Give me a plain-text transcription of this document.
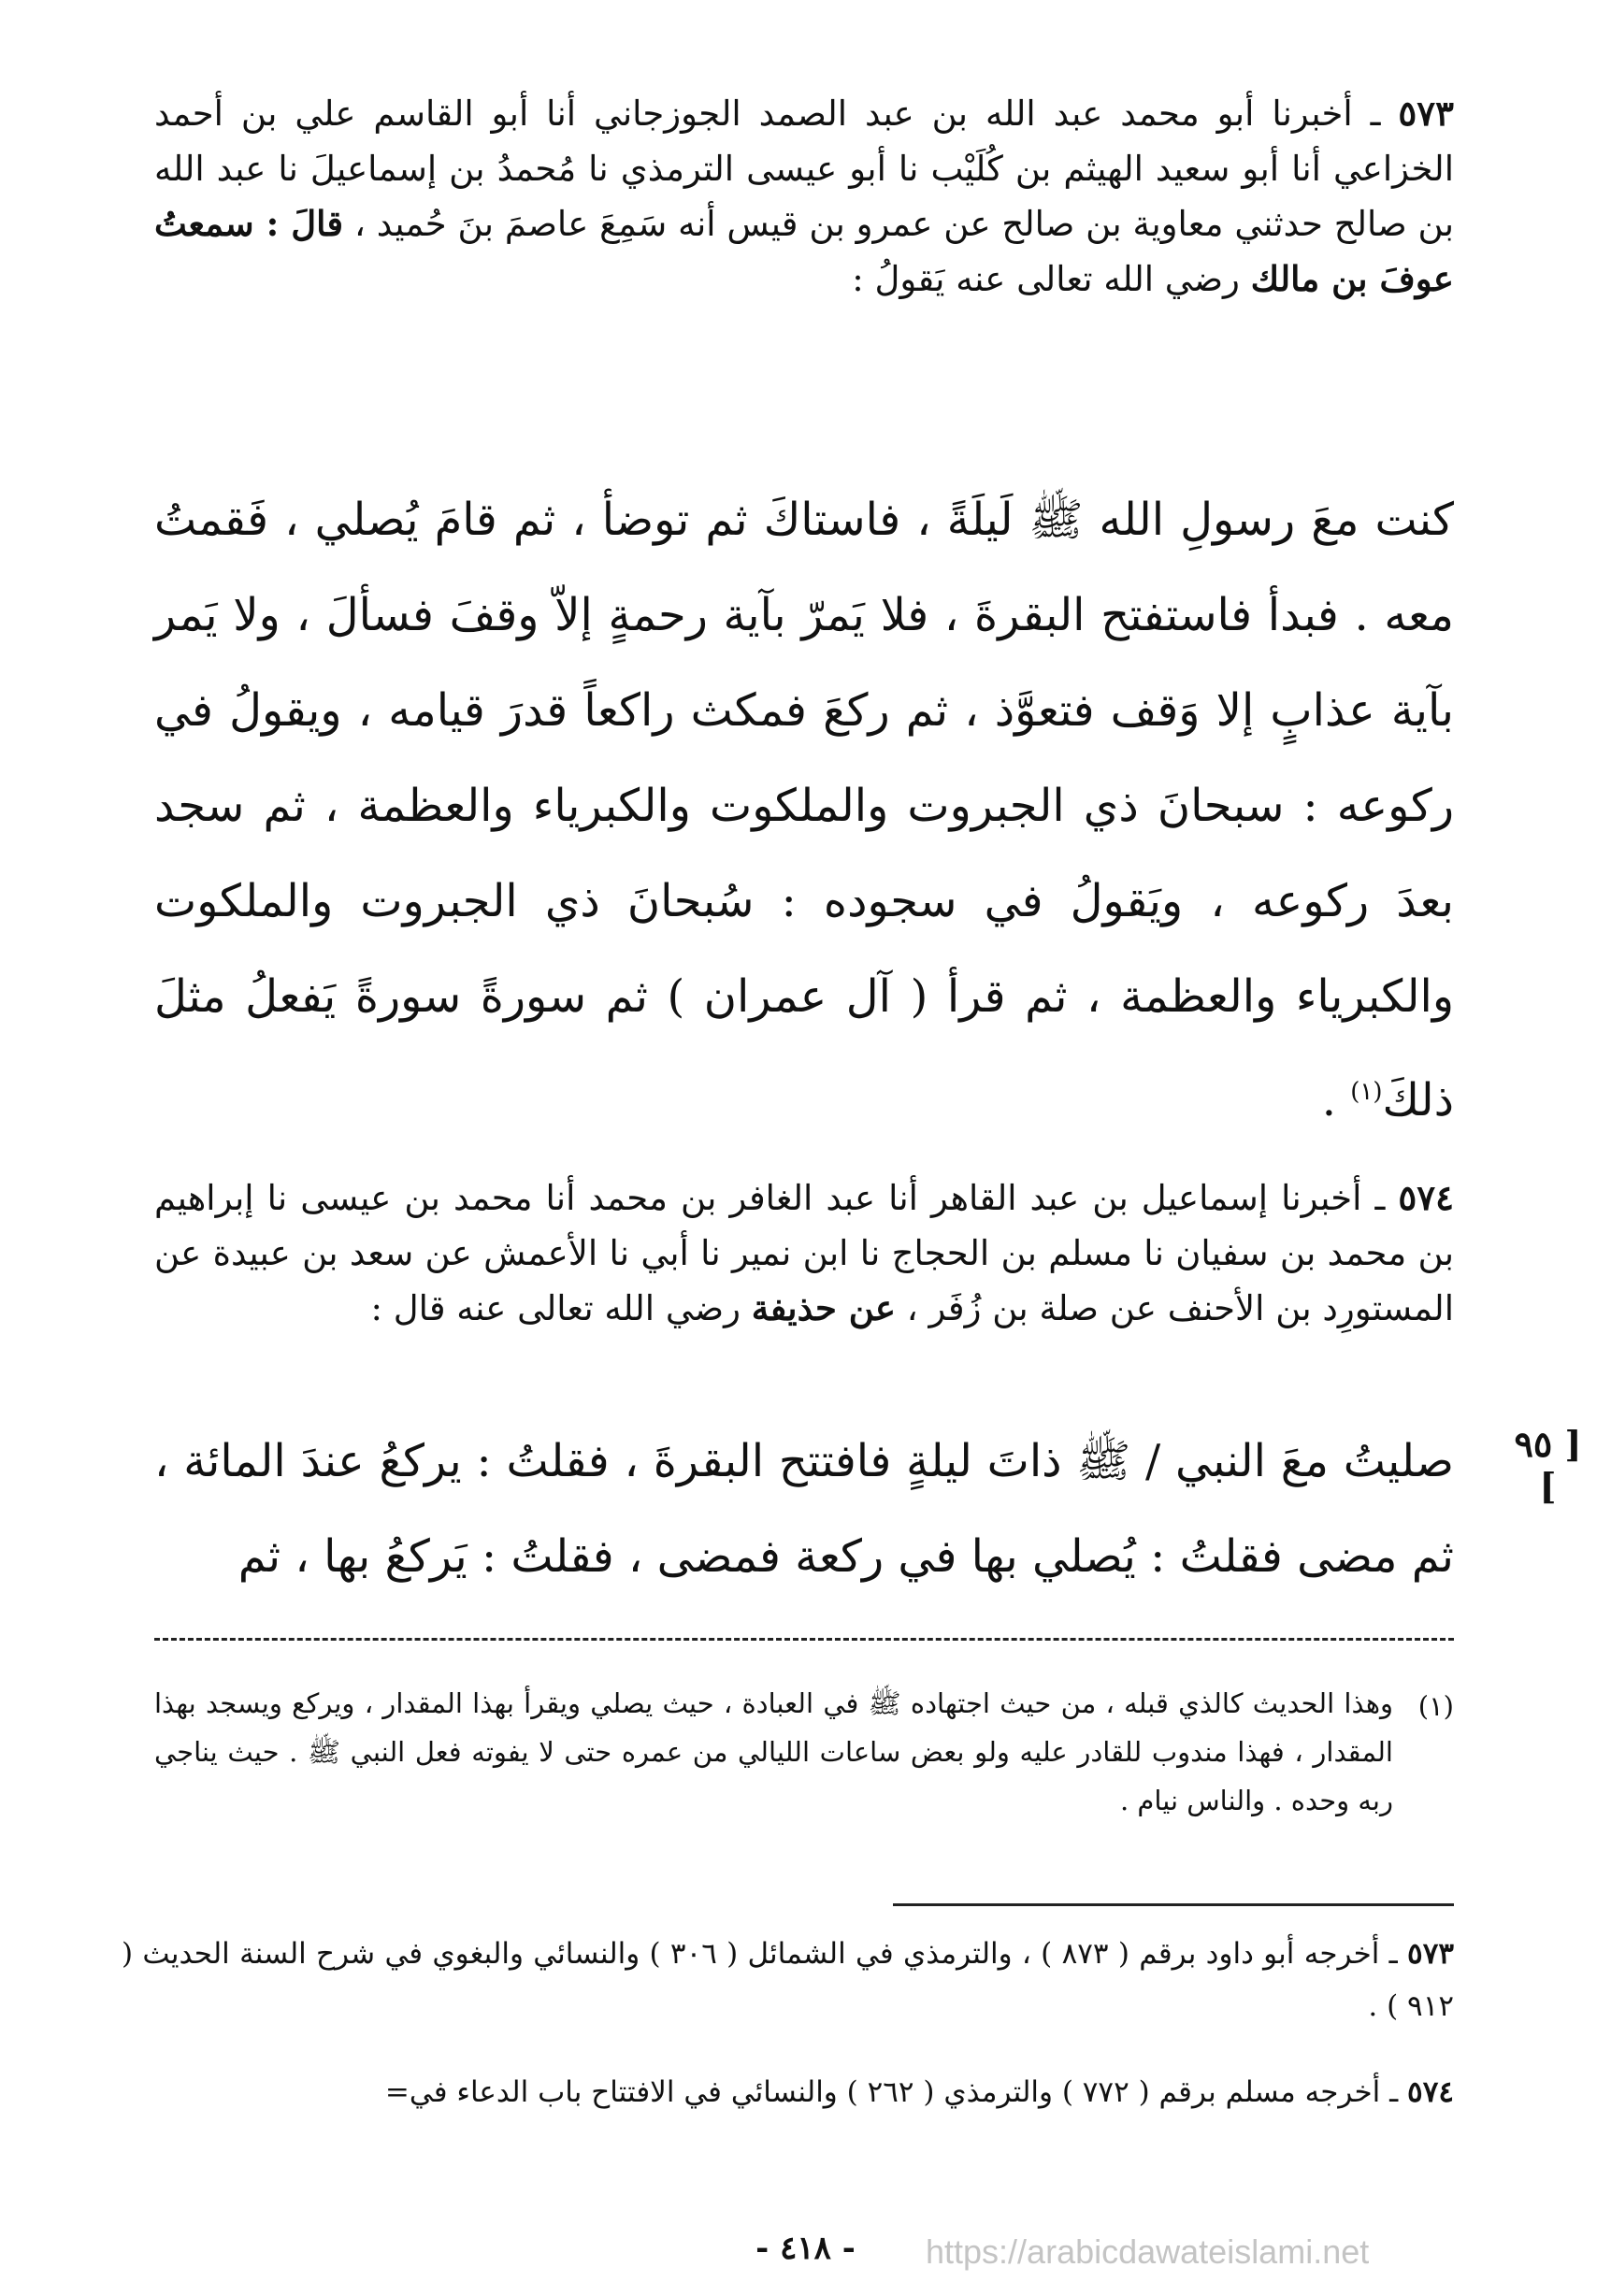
٥٧٣ ـ أخبرنا أبو محمد عبد الله بن عبد الصمد الجوزجاني أنا أبو القاسم علي بن أحمد الخزاعي أنا أبو سعيد الهيثم بن كُلَيْب نا أبو عيسى الترمذي نا مُحمدُ بن إسماعيلَ نا عبد الله بن صالح حدثني معاوية بن صالح عن عمرو بن قيس أنه سَمِعَ عاصمَ بنَ حُميد ، قالَ : سمعتُ عوفَ بن مالك رضي الله تعالى عنه يَقولُ :

كنت معَ رسولِ الله ﷺ لَيلَةً ، فاستاكَ ثم توضأ ، ثم قامَ يُصلي ، فَقمتُ معه . فبدأ فاستفتح البقرةَ ، فلا يَمرّ بآية رحمةٍ إلاّ وقفَ فسألَ ، ولا يَمر بآية عذابٍ إلا وَقف فتعوَّذ ، ثم ركعَ فمكث راكعاً قدرَ قيامه ، ويقولُ في ركوعه : سبحانَ ذي الجبروت والملكوت والكبرياء والعظمة ، ثم سجد بعدَ ركوعه ، ويَقولُ في سجوده : سُبحانَ ذي الجبروت والملكوت والكبرياء والعظمة ، ثم قرأ ( آل عمران ) ثم سورةً سورةً يَفعلُ مثلَ ذلكَ$^{(١)}$ .

٥٧٤ ـ أخبرنا إسماعيل بن عبد القاهر أنا عبد الغافر بن محمد أنا محمد بن عيسى نا إبراهيم بن محمد بن سفيان نا مسلم بن الحجاج نا ابن نمير نا أبي نا الأعمش عن سعد بن عبيدة عن المستورِد بن الأحنف عن صلة بن زُفَر ، عن حذيفة رضي الله تعالى عنه قال :

[ ٩٥ ]

صليتُ معَ النبي / ﷺ ذاتَ ليلةٍ فافتتح البقرةَ ، فقلتُ : يركعُ عندَ المائة ، ثم مضى فقلتُ : يُصلي بها في ركعة فمضى ، فقلتُ : يَركعُ بها ، ثم

(١)

وهذا الحديث كالذي قبله ، من حيث اجتهاده ﷺ في العبادة ، حيث يصلي ويقرأ بهذا المقدار ، ويركع ويسجد بهذا المقدار ، فهذا مندوب للقادر عليه ولو بعض ساعات الليالي من عمره حتى لا يفوته فعل النبي ﷺ . حيث يناجي ربه وحده . والناس نيام .

٥٧٣ ـ أخرجه أبو داود برقم ( ٨٧٣ ) ، والترمذي في الشمائل ( ٣٠٦ ) والنسائي والبغوي في شرح السنة الحديث ( ٩١٢ ) .

٥٧٤ ـ أخرجه مسلم برقم ( ٧٧٢ ) والترمذي ( ٢٦٢ ) والنسائي في الافتتاح باب الدعاء في=

- ٤١٨ -	https://arabicdawateislami.net
